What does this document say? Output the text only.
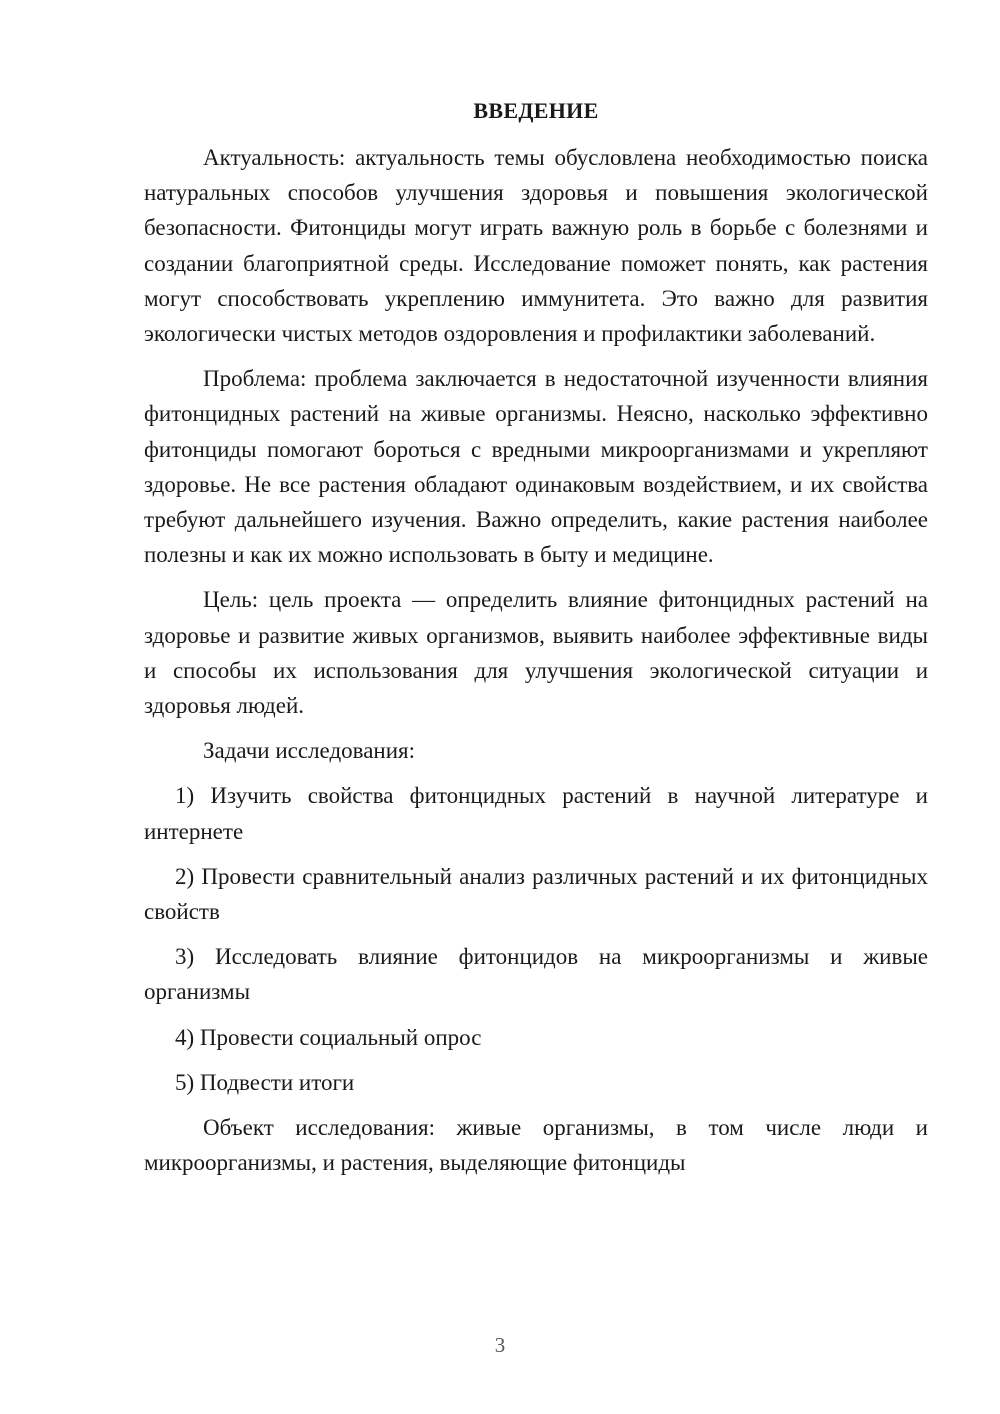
ВВЕДЕНИЕ

Актуальность: актуальность темы обусловлена необходимостью поиска натуральных способов улучшения здоровья и повышения экологической безопасности. Фитонциды могут играть важную роль в борьбе с болезнями и создании благоприятной среды. Исследование поможет понять, как растения могут способствовать укреплению иммунитета. Это важно для развития экологически чистых методов оздоровления и профилактики заболеваний.

Проблема: проблема заключается в недостаточной изученности влияния фитонцидных растений на живые организмы. Неясно, насколько эффективно фитонциды помогают бороться с вредными микроорганизмами и укрепляют здоровье. Не все растения обладают одинаковым воздействием, и их свойства требуют дальнейшего изучения. Важно определить, какие растения наиболее полезны и как их можно использовать в быту и медицине.

Цель: цель проекта — определить влияние фитонцидных растений на здоровье и развитие живых организмов, выявить наиболее эффективные виды и способы их использования для улучшения экологической ситуации и здоровья людей.

Задачи исследования:

1) Изучить свойства фитонцидных растений в научной литературе и интернете

2) Провести сравнительный анализ различных растений и их фитонцидных свойств

3) Исследовать влияние фитонцидов на микроорганизмы и живые организмы

4) Провести социальный опрос

5) Подвести итоги

Объект исследования: живые организмы, в том числе люди и микроорганизмы, и растения, выделяющие фитонциды

3
